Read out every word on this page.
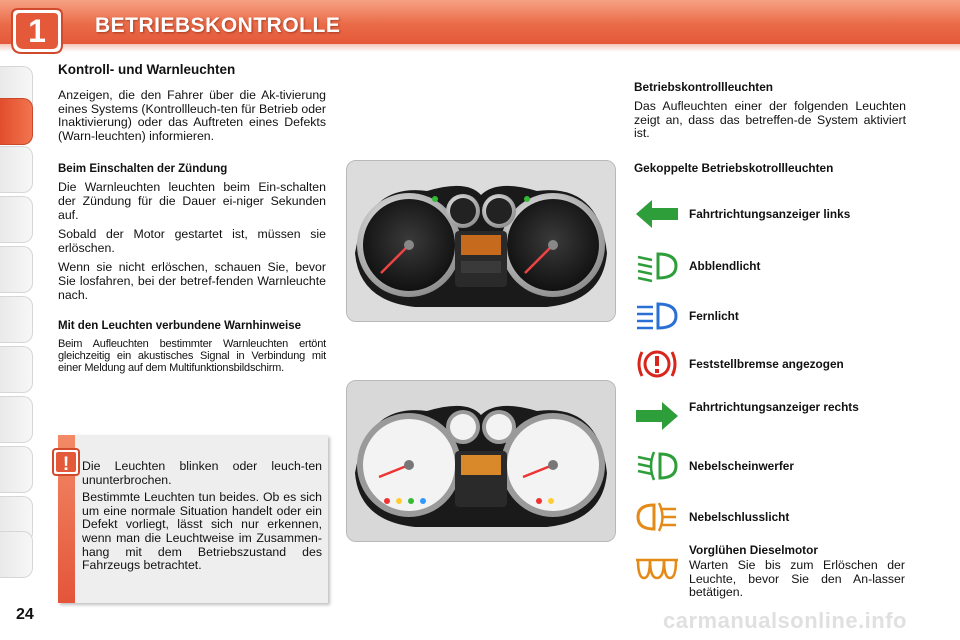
1 BETRIEBSKONTROLLE
Kontroll- und Warnleuchten

Anzeigen, die den Fahrer über die Ak-tivierung eines Systems (Kontrollleuch-ten für Betrieb oder Inaktivierung) oder das Auftreten eines Defekts (Warn-leuchten) informieren.

Beim Einschalten der Zündung

Die Warnleuchten leuchten beim Ein-schalten der Zündung für die Dauer ei-niger Sekunden auf.

Sobald der Motor gestartet ist, müssen sie erlöschen.

Wenn sie nicht erlöschen, schauen Sie, bevor Sie losfahren, bei der betref-fenden Warnleuchte nach.

Mit den Leuchten verbundene Warnhinweise

Beim Aufleuchten bestimmter Warnleuchten ertönt gleichzeitig ein akustisches Signal in Verbindung mit einer Meldung auf dem Multifunktionsbildschirm.

! Die Leuchten blinken oder leuch-ten ununterbrochen.

Bestimmte Leuchten tun beides. Ob es sich um eine normale Situation handelt oder ein Defekt vorliegt, lässt sich nur erkennen, wenn man die Leuchtweise im Zusammen-hang mit dem Betriebszustand des Fahrzeugs betrachtet.

Betriebskontrollleuchten

Das Aufleuchten einer der folgenden Leuchten zeigt an, dass das betreffen-de System aktiviert ist.

Gekoppelte Betriebskotrollleuchten
Fahrtrichtungsanzeiger links
Abblendlicht
Fernlicht
Feststellbremse angezogen
Fahrtrichtungsanzeiger rechts
Nebelscheinwerfer
Nebelschlusslicht
Vorglühen Dieselmotor

Warten Sie bis zum Erlöschen der Leuchte, bevor Sie den An-lasser betätigen.

24	carmanualsonline.info
